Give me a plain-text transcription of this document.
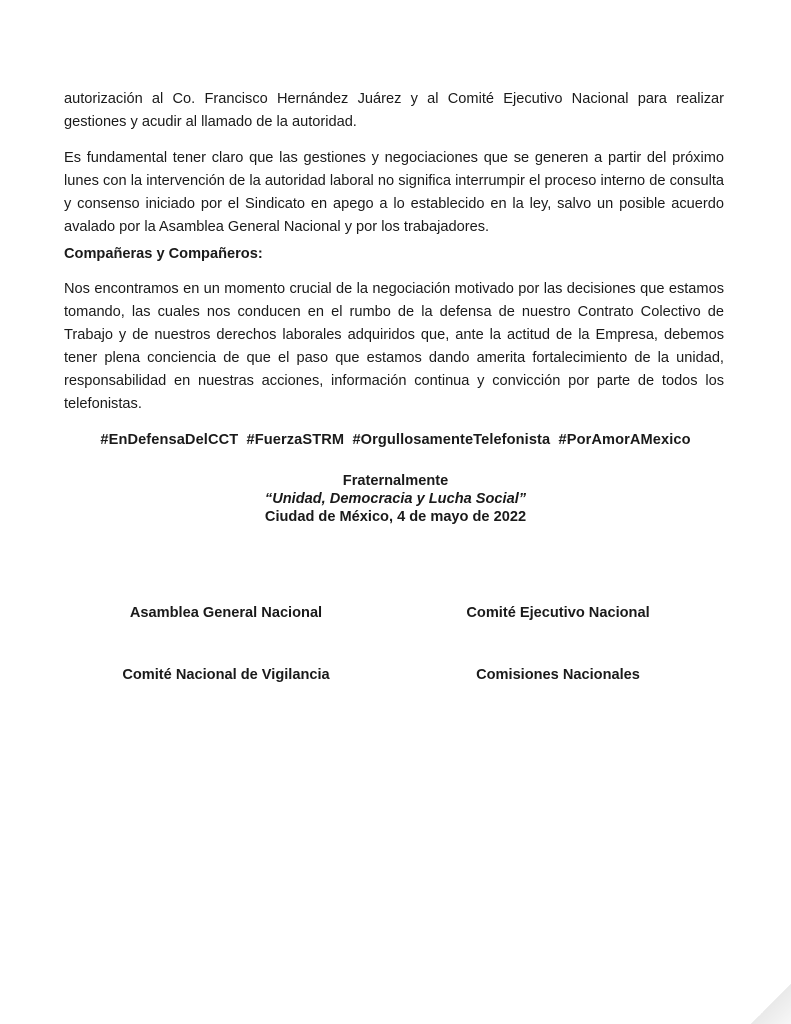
autorización al Co. Francisco Hernández Juárez y al Comité Ejecutivo Nacional para realizar gestiones y acudir al llamado de la autoridad.

Es fundamental tener claro que las gestiones y negociaciones que se generen a partir del próximo lunes con la intervención de la autoridad laboral no significa interrumpir el proceso interno de consulta y consenso iniciado por el Sindicato en apego a lo establecido en la ley, salvo un posible acuerdo avalado por la Asamblea General Nacional y por los trabajadores.

Compañeras y Compañeros:

Nos encontramos en un momento crucial de la negociación motivado por las decisiones que estamos tomando, las cuales nos conducen en el rumbo de la defensa de nuestro Contrato Colectivo de Trabajo y de nuestros derechos laborales adquiridos que, ante la actitud de la Empresa, debemos tener plena conciencia de que el paso que estamos dando amerita fortalecimiento de la unidad, responsabilidad en nuestras acciones, información continua y convicción por parte de todos los telefonistas.

#EnDefensaDelCCT  #FuerzaSTRM  #OrgullosamenteTelefonista  #PorAmorAMexico

Fraternalmente
“Unidad, Democracia y Lucha Social”
Ciudad de México, 4 de mayo de 2022
Asamblea General Nacional	Comité Ejecutivo Nacional
Comité Nacional de Vigilancia	Comisiones Nacionales
